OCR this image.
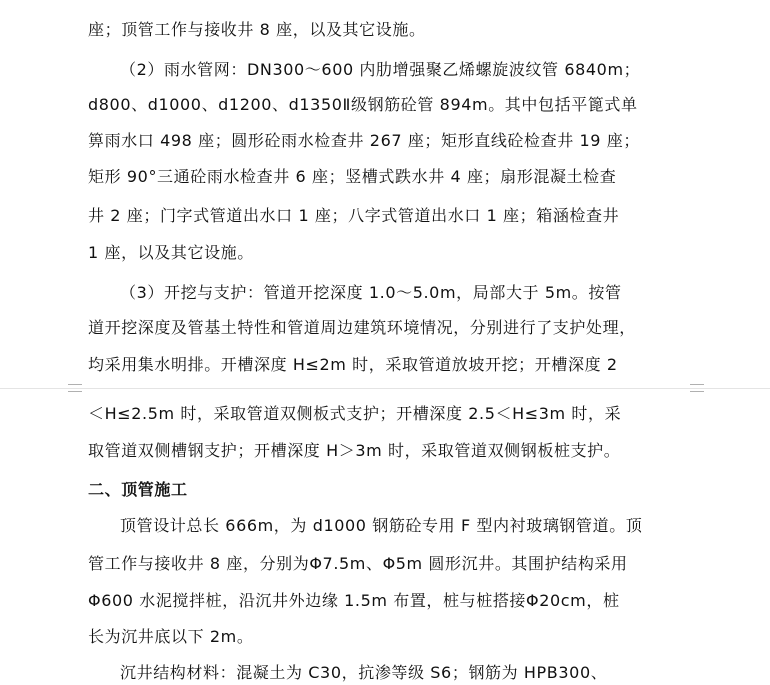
座；顶管工作与接收井 8 座，以及其它设施。
（2）雨水管网：DN300～600 内肋增强聚乙烯螺旋波纹管 6840m；
d800、d1000、d1200、d1350Ⅱ级钢筋砼管 894m。其中包括平篦式单
箅雨水口 498 座；圆形砼雨水检查井 267 座；矩形直线砼检查井 19 座；
矩形 90°三通砼雨水检查井 6 座；竖槽式跌水井 4 座；扇形混凝土检查
井 2 座；门字式管道出水口 1 座；八字式管道出水口 1 座；箱涵检查井
1 座，以及其它设施。
（3）开挖与支护：管道开挖深度 1.0～5.0m，局部大于 5m。按管
道开挖深度及管基土特性和管道周边建筑环境情况，分别进行了支护处理，
均采用集水明排。开槽深度 H≤2m 时，采取管道放坡开挖；开槽深度 2
＜H≤2.5m 时，采取管道双侧板式支护；开槽深度 2.5＜H≤3m 时，采
取管道双侧槽钢支护；开槽深度 H＞3m 时，采取管道双侧钢板桩支护。
二、顶管施工
顶管设计总长 666m，为 d1000 钢筋砼专用 F 型内衬玻璃钢管道。顶
管工作与接收井 8 座，分别为Φ7.5m、Φ5m 圆形沉井。其围护结构采用
Φ600 水泥搅拌桩，沿沉井外边缘 1.5m 布置，桩与桩搭接Φ20cm，桩
长为沉井底以下 2m。
沉井结构材料：混凝土为 C30，抗渗等级 S6；钢筋为 HPB300、
